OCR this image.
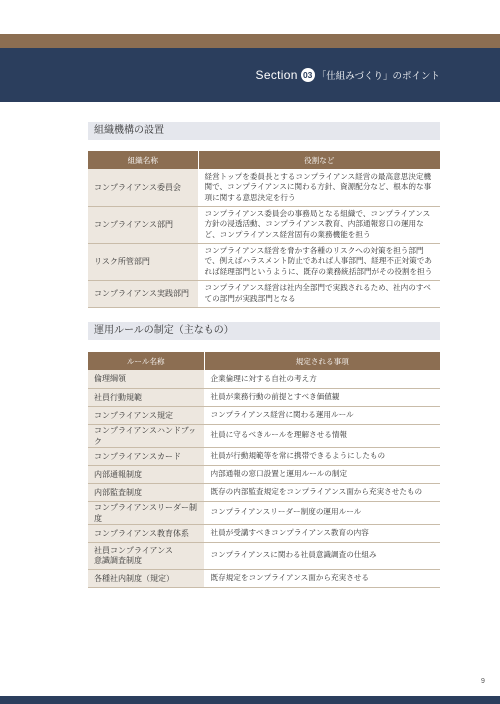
Section 03 「仕組みづくり」のポイント
組織機構の設置
組織名称	役割など
コンプライアンス委員会	経営トップを委員長とするコンプライアンス経営の最高意思決定機関で、コンプライアンスに関わる方針、資源配分など、根本的な事項に関する意思決定を行う
コンプライアンス部門	コンプライアンス委員会の事務局となる組織で、コンプライアンス方針の浸透活動、コンプライアンス教育、内部通報窓口の運用など、コンプライアンス経営固有の業務機能を担う
リスク所管部門	コンプライアンス経営を脅かす各種のリスクへの対策を担う部門で、例えばハラスメント防止であれば人事部門、経理不正対策であれば経理部門というように、既存の業務統括部門がその役割を担う
コンプライアンス実践部門	コンプライアンス経営は社内全部門で実践されるため、社内のすべての部門が実践部門となる
運用ルールの制定（主なもの）
ルール名称	規定される事項
倫理綱領	企業倫理に対する自社の考え方
社員行動規範	社員が業務行動の前提とすべき価値観
コンプライアンス規定	コンプライアンス経営に関わる運用ルール
コンプライアンスハンドブック	社員に守るべきルールを理解させる情報
コンプライアンスカード	社員が行動規範等を常に携帯できるようにしたもの
内部通報制度	内部通報の窓口設置と運用ルールの制定
内部監査制度	既存の内部監査規定をコンプライアンス面から充実させたもの
コンプライアンスリーダー制度	コンプライアンスリーダー制度の運用ルール
コンプライアンス教育体系	社員が受講すべきコンプライアンス教育の内容
社員コンプライアンス
意識調査制度	コンプライアンスに関わる社員意識調査の仕組み
各種社内制度（規定）	既存規定をコンプライアンス面から充実させる
9
